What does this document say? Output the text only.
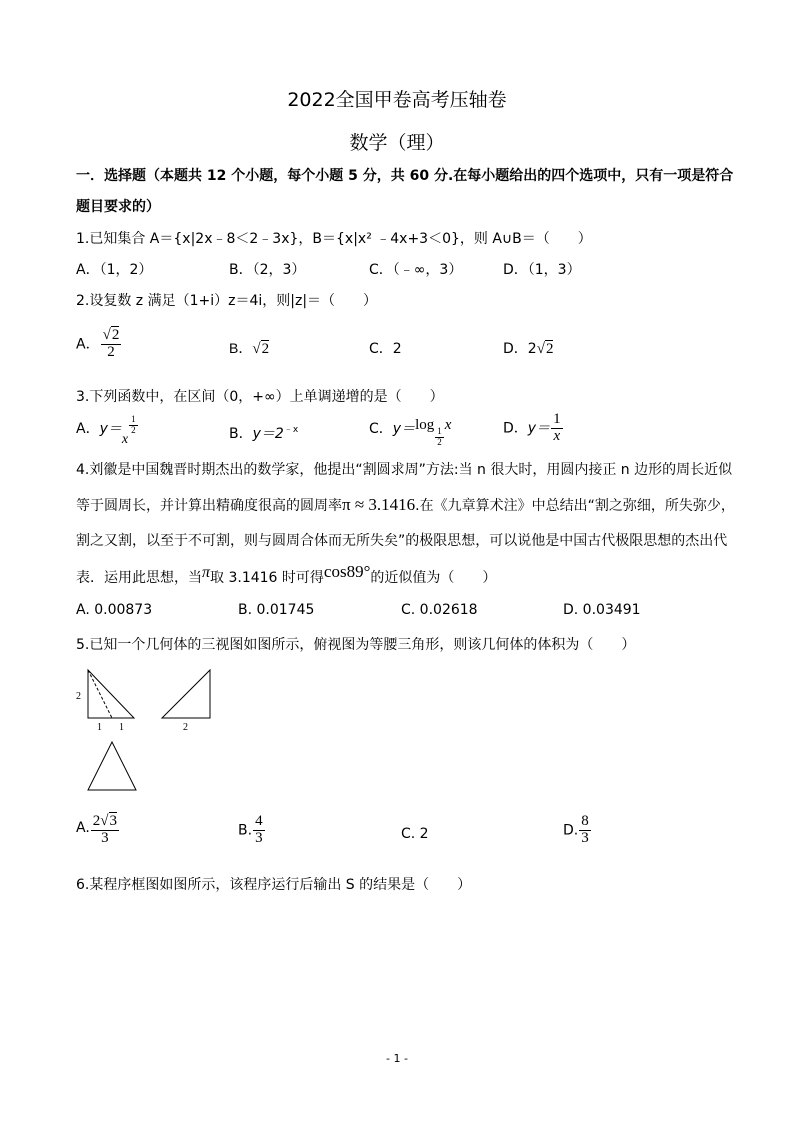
2022全国甲卷高考压轴卷
数学（理）
一．选择题（本题共 12 个小题，每个小题 5 分，共 60 分.在每小题给出的四个选项中，只有一项是符合
题目要求的）
1.已知集合 A＝{x|2x﹣8＜2﹣3x}，B＝{x|x² ﹣4x+3＜0}，则 A∪B＝（　　）
A．（1，2）	B．（2，3）	C．（﹣∞，3）	D．（1，3）
2.设复数 z 满足（1+i）z＝4i，则|z|＝（　　）
A． $\frac{√2}{2}$	B．√2	C．2	D．2√2
3.下列函数中，在区间（0，+∞）上单调递增的是（　　）
A．y＝x
$\frac{1}{2}$	B．$y=2^{﹣x}$	C．y＝log
$\frac{1}{2}$
x	D．$y= \frac{1}{x}$
4.刘徽是中国魏晋时期杰出的数学家，他提出“割圆求周”方法:当 n 很大时，用圆内接正 n 边形的周长近似
等于圆周长，并计算出精确度很高的圆周率π ≈ 3.1416.在《九章算术注》中总结出“割之弥细，所失弥少，
割之又割，以至于不可割，则与圆周合体而无所失矣”的极限思想，可以说他是中国古代极限思想的杰出代
表．运用此思想，当π取 3.1416 时可得cos89°的近似值为（　　）
A. 0.00873	B. 0.01745	C. 0.02618	D. 0.03491
5.已知一个几何体的三视图如图所示，俯视图为等腰三角形，则该几何体的体积为（　　）
2
1 1	2
A. $\frac{2√3}{3}$	B. $\frac{4}{3}$	C. 2	D. $\frac{8}{3}$
6.某程序框图如图所示，该程序运行后输出 S 的结果是（　　）
- 1 -
